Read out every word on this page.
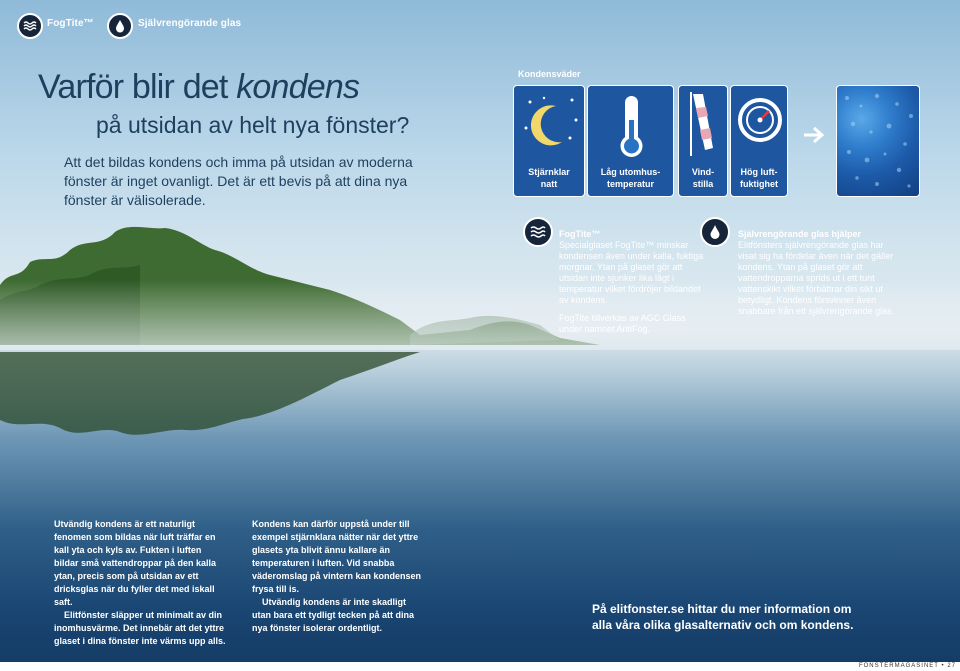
FogTite™	Självrengörande glas
Varför blir det kondens
på utsidan av helt nya fönster?
Att det bildas kondens och imma på utsidan av moderna fönster är inget ovanligt. Det är ett bevis på att dina nya fönster är välisolerade.
Kondensväder
Stjärnklar
natt
Låg utomhus-
temperatur
Vind-
stilla
Hög luft-
fuktighet
FogTite™

Specialglaset FogTite™ minskar kondensen även under kalla, fuktiga morgnar. Ytan på glaset gör att utsidan inte sjunker lika lågt i temperatur vilket fördröjer bildandet av kondens.

FogTite tillverkas av AGC Glass under namnet AntiFog.

Självrengörande glas hjälper

Elitfönsters självrengörande glas har visat sig ha fördelar även när det gäller kondens. Ytan på glaset gör att vattendropparna sprids ut i ett tunt vattenskikt vilket förbättrar din sikt ut betydligt. Kondens försvinner även snabbare från ett självrengörande glas.

Utvändig kondens är ett naturligt fenomen som bildas när luft träffar en kall yta och kyls av. Fukten i luften bildar små vattendroppar på den kalla ytan, precis som på utsidan av ett dricksglas när du fyller det med iskall saft.

Elitfönster släpper ut minimalt av din inomhusvärme. Det innebär att det yttre glaset i dina fönster inte värms upp alls.

Kondens kan därför uppstå under till exempel stjärnklara nätter när det yttre glasets yta blivit ännu kallare än temperaturen i luften. Vid snabba väderomslag på vintern kan kondensen frysa till is.

Utvändig kondens är inte skadligt utan bara ett tydligt tecken på att dina nya fönster isolerar ordentligt.

På elitfonster.se hittar du mer information om
alla våra olika glasalternativ och om kondens.
FONSTERMAGASINET • 27
